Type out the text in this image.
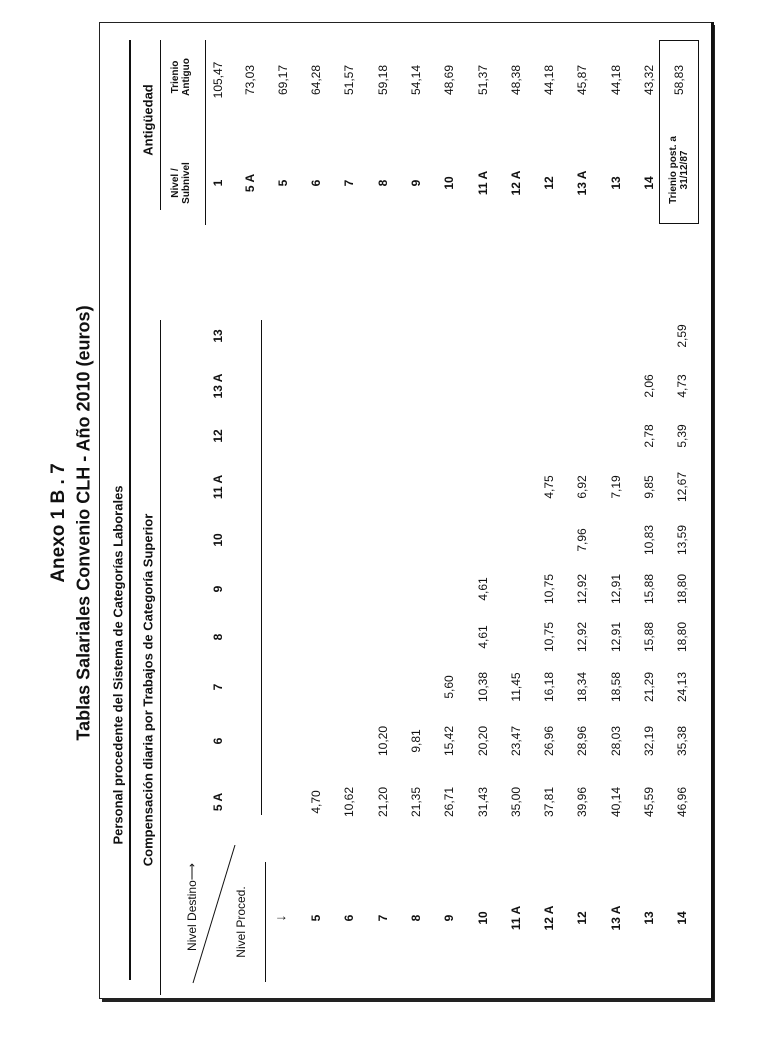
Anexo 1 B . 7 Tablas Salariales Convenio CLH - Año 2010 (euros) Personal procedente del Sistema de Categorías Laborales Compensación diaria por Trabajos de Categoría Superior
Antigüedad
Nivel Destino⟶
Nivel Proced. ↓
5 A
6
7
8
9
10
11 A
12
13 A
13
5
4,70
6
10,62
7
21,20
10,20
8
21,35
9,81
9
26,71
15,42
5,60
10
31,43
20,20
10,38
4,61
4,61
11 A
35,00
23,47
11,45
12 A
37,81
26,96
16,18
10,75
10,75
4,75
12
39,96
28,96
18,34
12,92
12,92
7,96
6,92
13 A
40,14
28,03
18,58
12,91
12,91
7,19
13
45,59
32,19
21,29
15,88
15,88
10,83
9,85
2,78
2,06
14
46,96
35,38
24,13
18,80
18,80
13,59
12,67
5,39
4,73
2,59
1
105,47
5 A
73,03
5
69,17
6
64,28
7
51,57
8
59,18
9
54,14
10
48,69
11 A
51,37
12 A
48,38
12
44,18
13 A
45,87
13
44,18
14
43,32
Nivel /
Subnivel
Trienio
Antiguo
Trienio post. a
31/12/87
58,83
